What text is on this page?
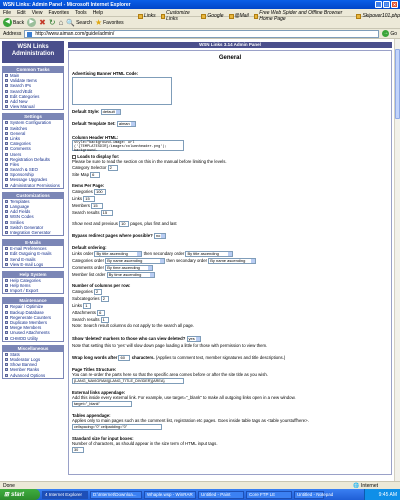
WSN Links: Admin Panel - Microsoft Internet Explorer	_	□	✕
File Edit View Favorites Tools Help
Links Customize Links	Google @Mail Free Web Spider and Offline Browser Home Page	Skipover101.php
◀ Back ▶ ✖ ↻ ⌂ 🔍 Search ★ Favorites
Address	http://www.aiman.com/guide/admin/	→ Go
WSN Links Administration
Common Tasks
Main
Validate Items
Search IPs
Search/Edit
Edit Categories
Add New
View Manual
Settings
System Configuration
Switches
General
Links
Categories
Comments
Users
Registration Defaults
Files
Search & SEO
Sponsorship
Message Upgrades
Administrator Permissions
Customizations
Templates
Language
Add Fields
WSN Codes
Smilies
Switch Generator
Integration Generator
E-Mails
E-mail Preferences
Edit Outgoing E-mails
Send E-mails
View E-mail Logs
Help System
Help Categories
Help Items
Import / Export
Maintenance
Repair / Optimize
Backup Database
Regenerate Counters
Duplicate Members
Merge Members
Unused Attachments
CHMOD Utility
Miscellaneous
Stats
Moderator Logs
Show Banned
Member Ranks
Advanced Options
WSN Links 3.14 Admin Panel
General
Advertising Banner HTML Code:
Default Style: default
Default Template Set: aiman
Column Header HTML:
style="background-image: url ('{TEMPLATESDIR}/images/columnheader.png'); background-
Loads to display for:
Please be sure to read the section on this in the manual before limiting the levels.
Category Selector 2
Site Map 6
Items Per Page:
Categories 100
Links 15
Members 15
Search results 15
Show next and previous 10 pages, plus first and last
Bypass redirect pages where possible? no
Default ordering:
Links order By title ascending	then secondary order By title ascending
Categories order By name ascending	then secondary order By name ascending
Comments order By time ascending
Member list order By time ascending
Number of columns per row:
Categories 2
Subcategories 2
Links 1
Attachments 6
Search results 1
Note: Search result columns do not apply to the search all page.
Show 'deleted' markers to those who can view deleted? yes
Note that setting this to 'yes' will slow down page loading a little for those with permission to view them.
Wrap long words after 60 characters. (Applies to comment text, member signatures and title descriptions.)
Page Titles Structure:
You can re-order the parts here so that the specific area comes before or after the site title as you wish.
{LANG_NAVIGRAM}{LANG_TITLE_DIVIDER}{AREA}
External links appendage:
Add this inside every external link. For example, use target="_blank" to make all outgoing links open in a new window.
target="_blank"
Tables appendage:
Applies only to main pages such as the comment list, registration etc pages. Goes inside table tags as <table yourstuffhere>.
cellspacing="0" cellpadding="0"
Standard size for input boxes:
Number of characters, as should appear in the size term of HTML input tags.
30
Done	🌐 Internet
⊞ start	4 Internet Explorer	D:\Internet\Downloa...	Whaple.wsp - WinRAR	Untitled - Paint	Core FTP LE	Untitled - Notepad	9:45 AM
